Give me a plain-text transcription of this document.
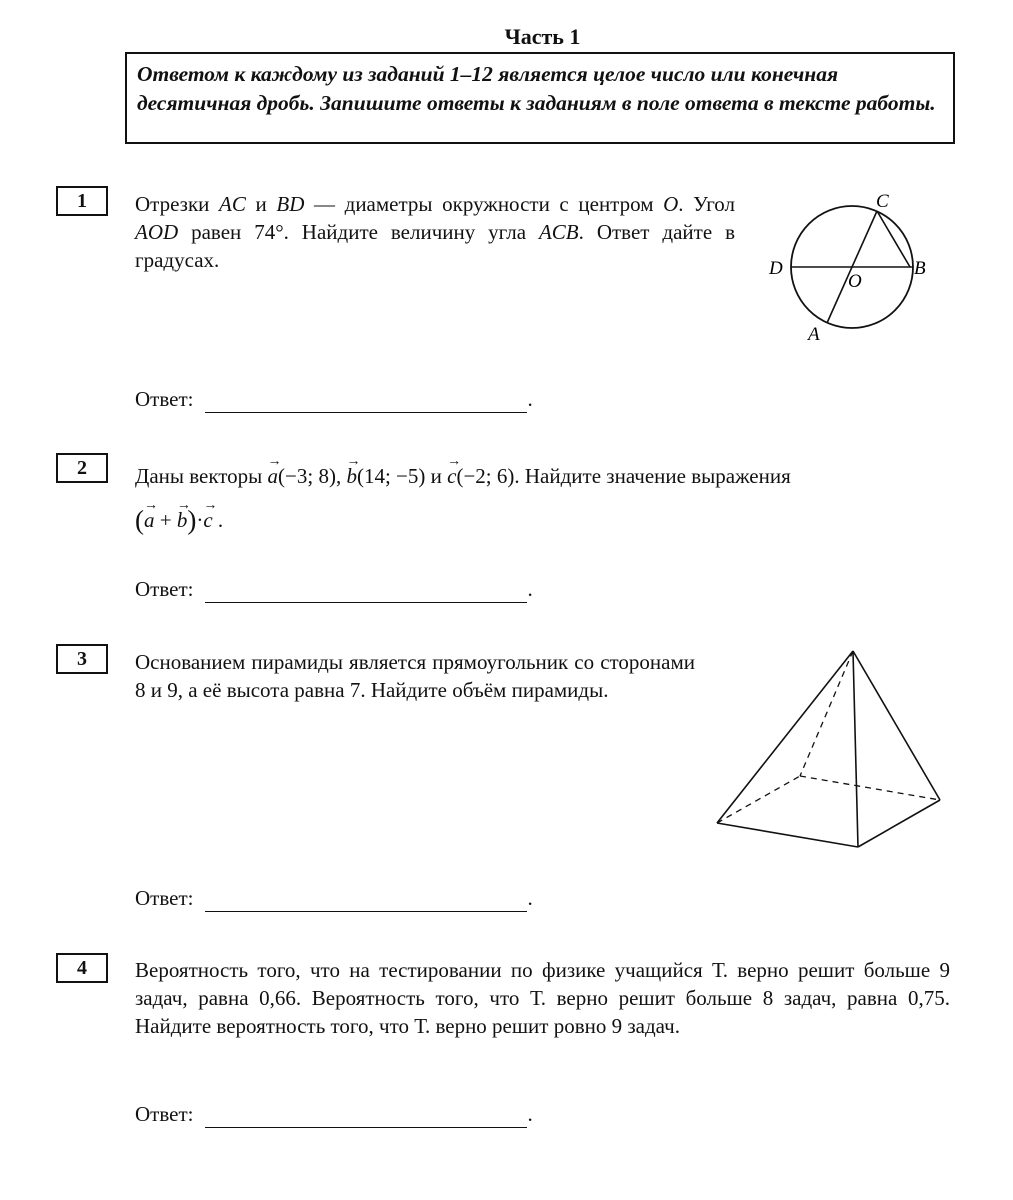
Часть 1
Ответом к каждому из заданий 1–12 является целое число или конечная десятичная дробь. Запишите ответы к заданиям в поле ответа в тексте работы.
1	Отрезки AC и BD — диаметры окружности с центром O. Угол AOD равен 74°. Найдите величину угла ACB. Ответ дайте в градусах.
C
D
O
B
A
Ответ:	.
2	Даны векторы → a(−3; 8), → b(14; −5) и → c(−2; 6). Найдите значение выражения
(→ a + → b)·→ c .
Ответ:	.
3	Основанием пирамиды является прямоугольник со сторонами 8 и 9, а её высота равна 7. Найдите объём пирамиды.
Ответ:	.
4	Вероятность того, что на тестировании по физике учащийся Т. верно решит больше 9 задач, равна 0,66. Вероятность того, что Т. верно решит больше 8 задач, равна 0,75. Найдите вероятность того, что Т. верно решит ровно 9 задач.
Ответ:	.
